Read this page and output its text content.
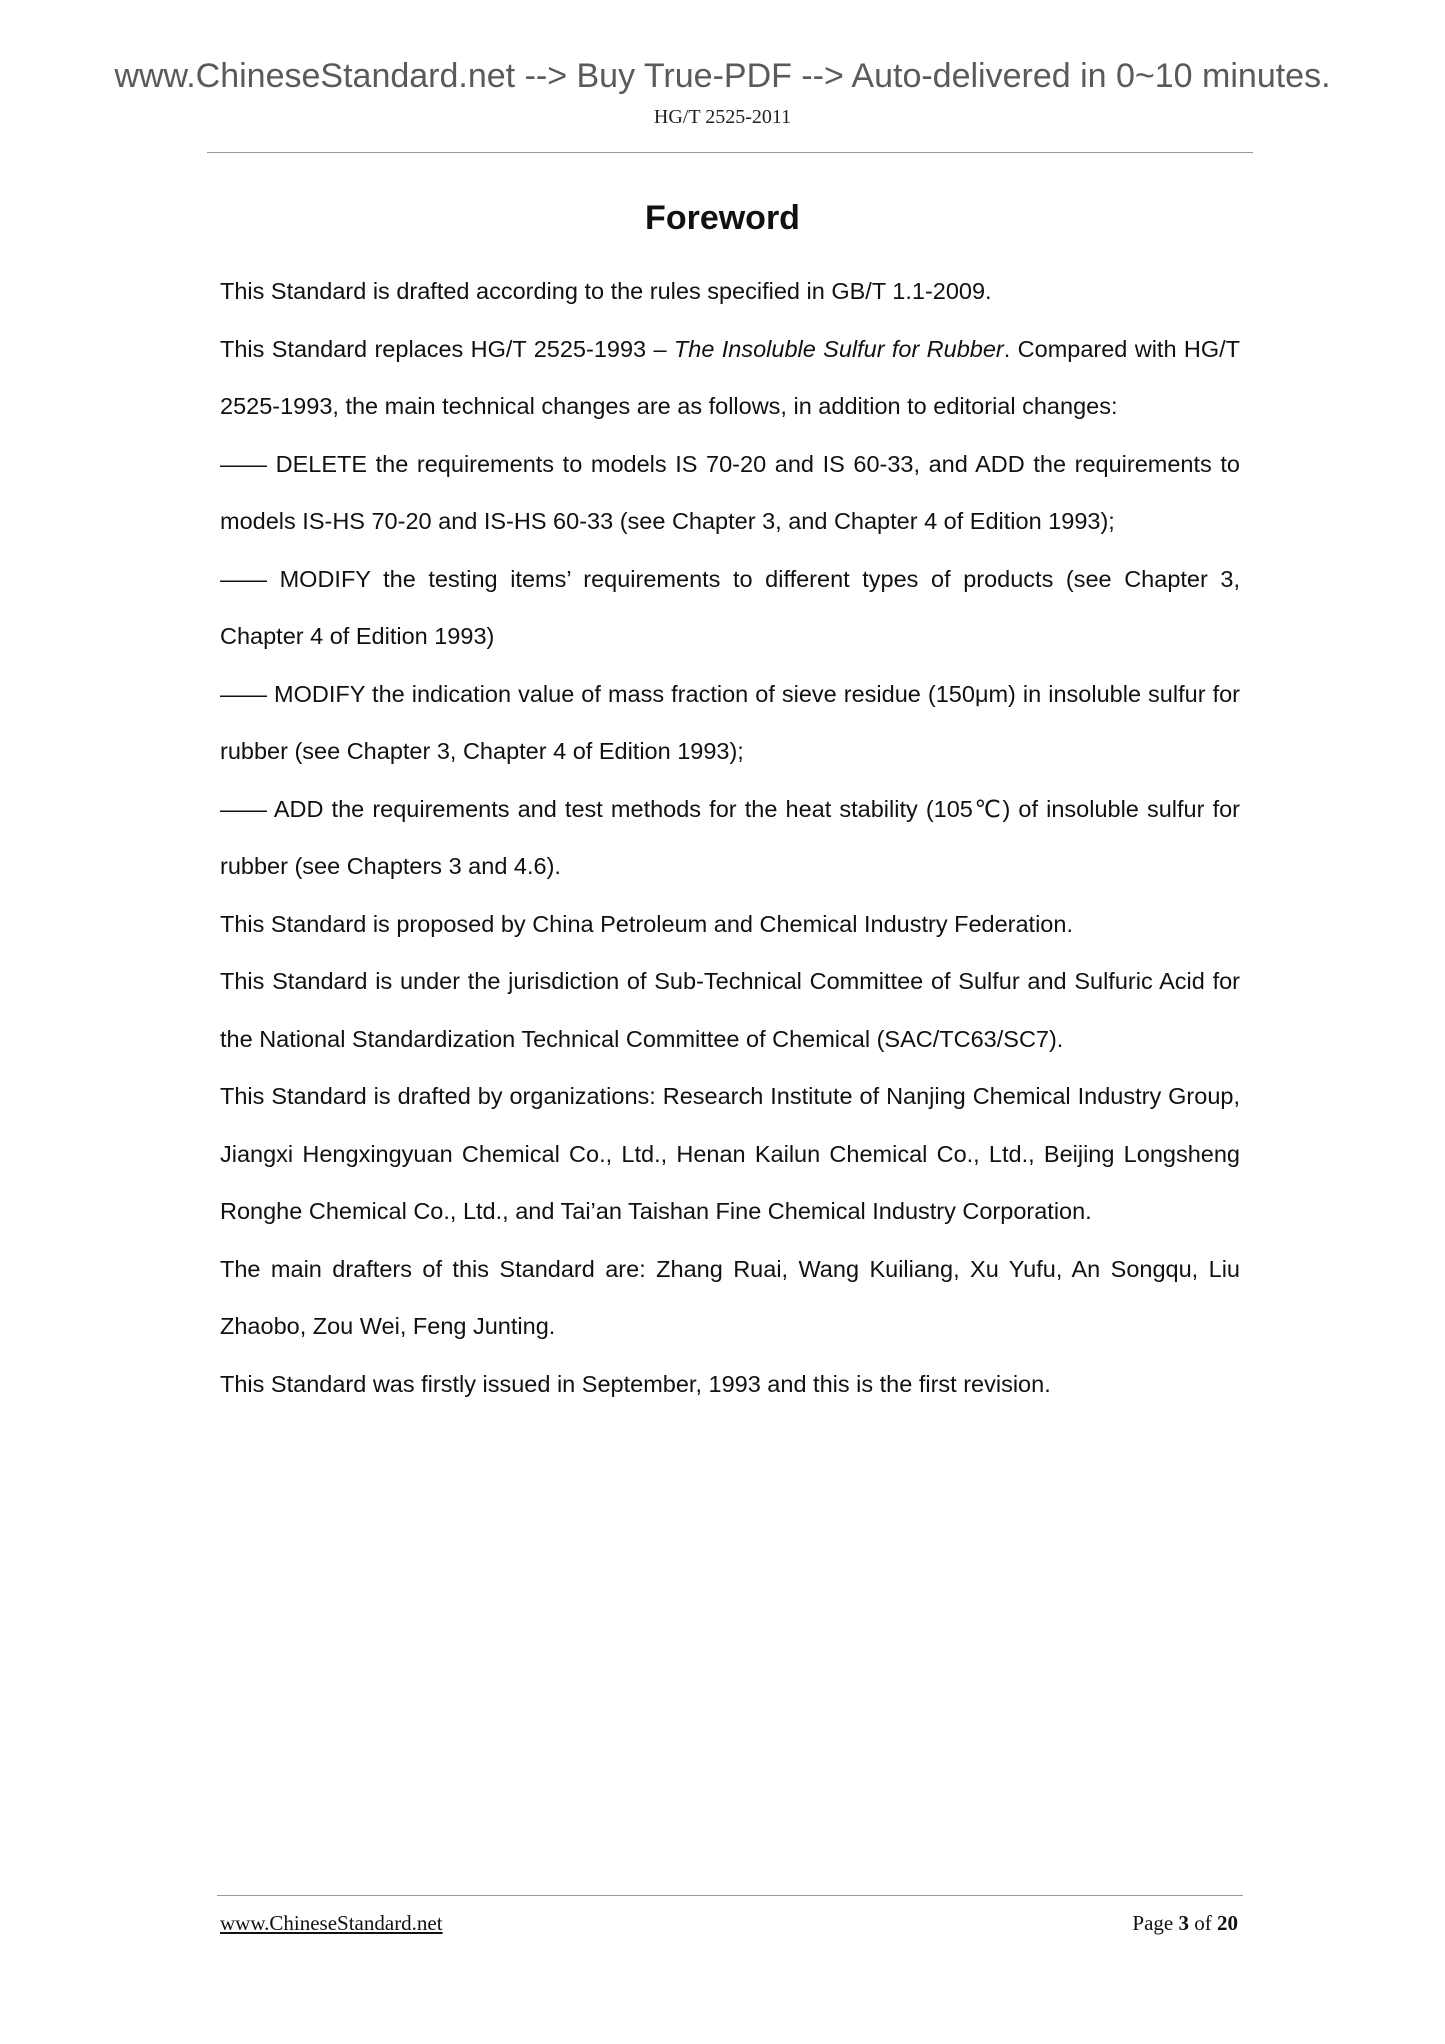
www.ChineseStandard.net --> Buy True-PDF --> Auto-delivered in 0~10 minutes.
HG/T 2525-2011
Foreword

This Standard is drafted according to the rules specified in GB/T 1.1-2009.

This Standard replaces HG/T 2525-1993 – The Insoluble Sulfur for Rubber. Compared with HG/T 2525-1993, the main technical changes are as follows, in addition to editorial changes:

—— DELETE the requirements to models IS 70-20 and IS 60-33, and ADD the requirements to models IS-HS 70-20 and IS-HS 60-33 (see Chapter 3, and Chapter 4 of Edition 1993);

—— MODIFY the testing items’ requirements to different types of products (see Chapter 3, Chapter 4 of Edition 1993)

—— MODIFY the indication value of mass fraction of sieve residue (150μm) in insoluble sulfur for rubber (see Chapter 3, Chapter 4 of Edition 1993);

—— ADD the requirements and test methods for the heat stability (105℃) of insoluble sulfur for rubber (see Chapters 3 and 4.6).

This Standard is proposed by China Petroleum and Chemical Industry Federation.

This Standard is under the jurisdiction of Sub-Technical Committee of Sulfur and Sulfuric Acid for the National Standardization Technical Committee of Chemical (SAC/TC63/SC7).

This Standard is drafted by organizations: Research Institute of Nanjing Chemical Industry Group, Jiangxi Hengxingyuan Chemical Co., Ltd., Henan Kailun Chemical Co., Ltd., Beijing Longsheng Ronghe Chemical Co., Ltd., and Tai’an Taishan Fine Chemical Industry Corporation.

The main drafters of this Standard are: Zhang Ruai, Wang Kuiliang, Xu Yufu, An Songqu, Liu Zhaobo, Zou Wei, Feng Junting.

This Standard was firstly issued in September, 1993 and this is the first revision.

www.ChineseStandard.net	Page 3 of 20
